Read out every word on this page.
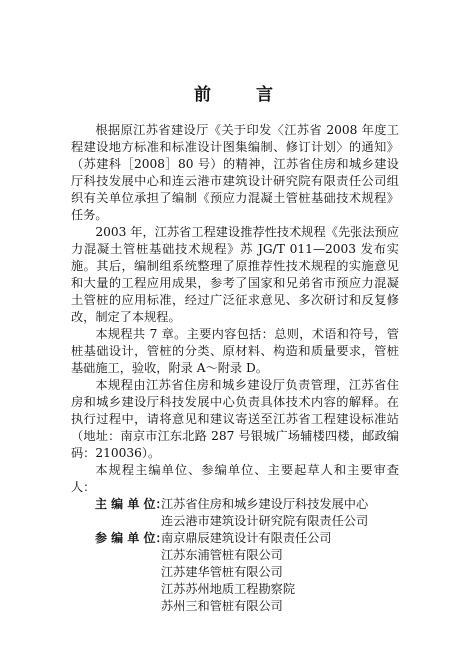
前　言

根据原江苏省建设厅《关于印发〈江苏省 2008 年度工程建设地方标准和标准设计图集编制、修订计划〉的通知》（苏建科［2008］80 号）的精神，江苏省住房和城乡建设厅科技发展中心和连云港市建筑设计研究院有限责任公司组织有关单位承担了编制《预应力混凝土管桩基础技术规程》任务。

2003 年，江苏省工程建设推荐性技术规程《先张法预应力混凝土管桩基础技术规程》苏 JG/T 011—2003 发布实施。其后，编制组系统整理了原推荐性技术规程的实施意见和大量的工程应用成果，参考了国家和兄弟省市预应力混凝土管桩的应用标准，经过广泛征求意见、多次研讨和反复修改，制定了本规程。

本规程共 7 章。主要内容包括：总则，术语和符号，管桩基础设计，管桩的分类、原材料、构造和质量要求，管桩基础施工，验收，附录 A～附录 D。

本规程由江苏省住房和城乡建设厅负责管理，江苏省住房和城乡建设厅科技发展中心负责具体技术内容的解释。在执行过程中，请将意见和建议寄送至江苏省工程建设标准站（地址：南京市江东北路 287 号银城广场辅楼四楼，邮政编码：210036）。

本规程主编单位、参编单位、主要起草人和主要审查人：

主 编 单 位：
江苏省住房和城乡建设厅科技发展中心
连云港市建筑设计研究院有限责任公司
参 编 单 位：
南京鼎辰建筑设计有限责任公司
江苏东浦管桩有限公司
江苏建华管桩有限公司
江苏苏州地质工程勘察院
苏州三和管桩有限公司
